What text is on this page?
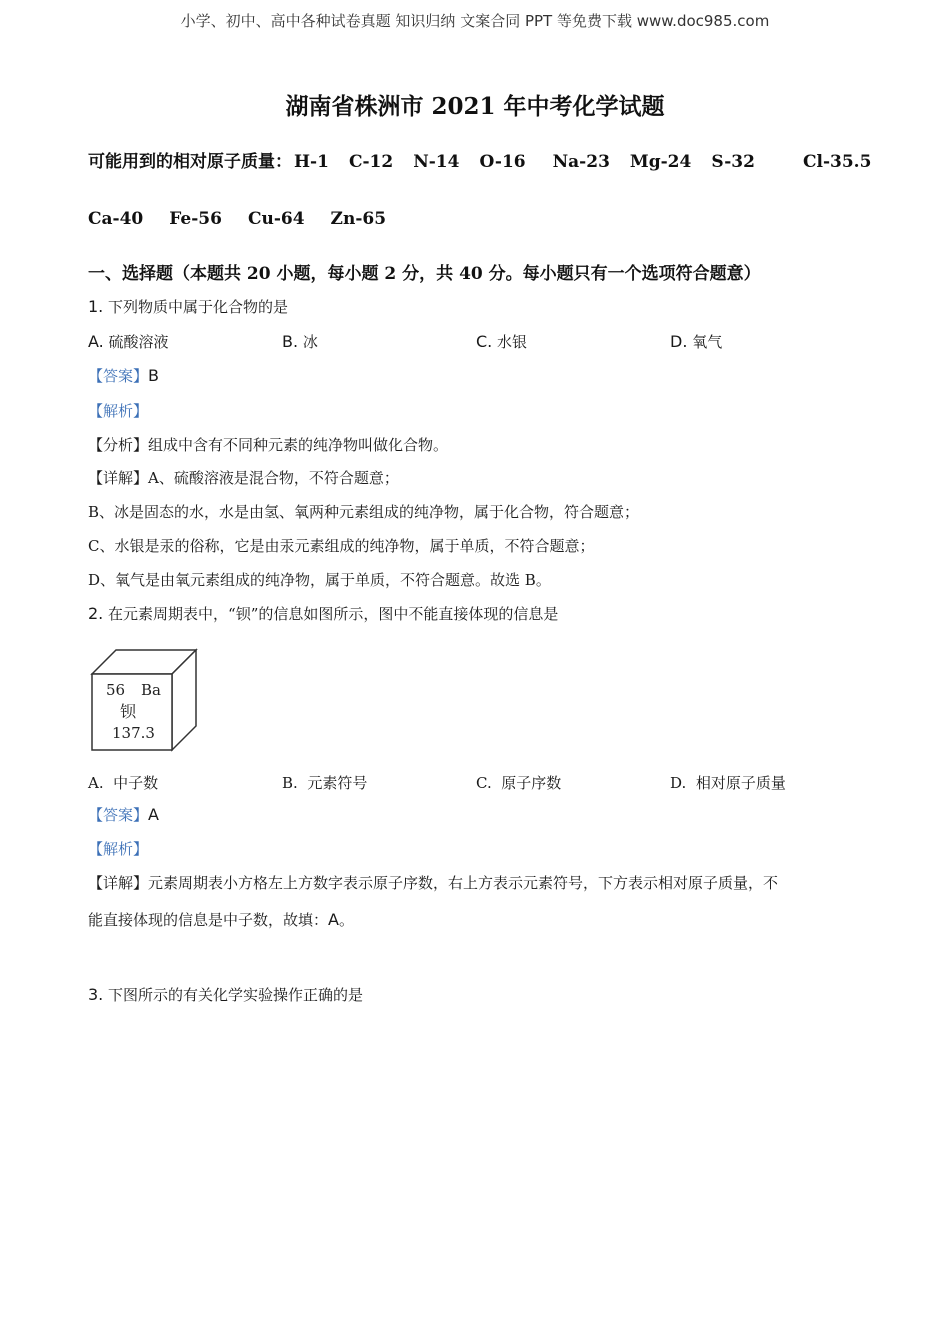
小学、初中、高中各种试卷真题 知识归纳 文案合同 PPT 等免费下载 www.doc985.com
湖南省株洲市 2021 年中考化学试题
可能用到的相对原子质量： H-1 C-12 N-14 O-16 Na-23 Mg-24 S-32	Cl-35.5
Ca-40 Fe-56 Cu-64 Zn-65
一、选择题（本题共 20 小题，每小题 2 分，共 40 分。每小题只有一个选项符合题意）
1. 下列物质中属于化合物的是
A. 硫酸溶液	B. 冰	C. 水银	D. 氧气
【答案】B
【解析】
【分析】组成中含有不同种元素的纯净物叫做化合物。
【详解】A、硫酸溶液是混合物，不符合题意；
B、冰是固态的水，水是由氢、氧两种元素组成的纯净物，属于化合物，符合题意；
C、水银是汞的俗称，它是由汞元素组成的纯净物，属于单质，不符合题意；
D、氧气是由氧元素组成的纯净物，属于单质，不符合题意。故选 B。
2. 在元素周期表中，“钡”的信息如图所示，图中不能直接体现的信息是
56 Ba
钡
137.3
A. 中子数	B. 元素符号	C. 原子序数	D. 相对原子质量
【答案】A
【解析】
【详解】元素周期表小方格左上方数字表示原子序数，右上方表示元素符号，下方表示相对原子质量，不
能直接体现的信息是中子数，故填：A。
3. 下图所示的有关化学实验操作正确的是
